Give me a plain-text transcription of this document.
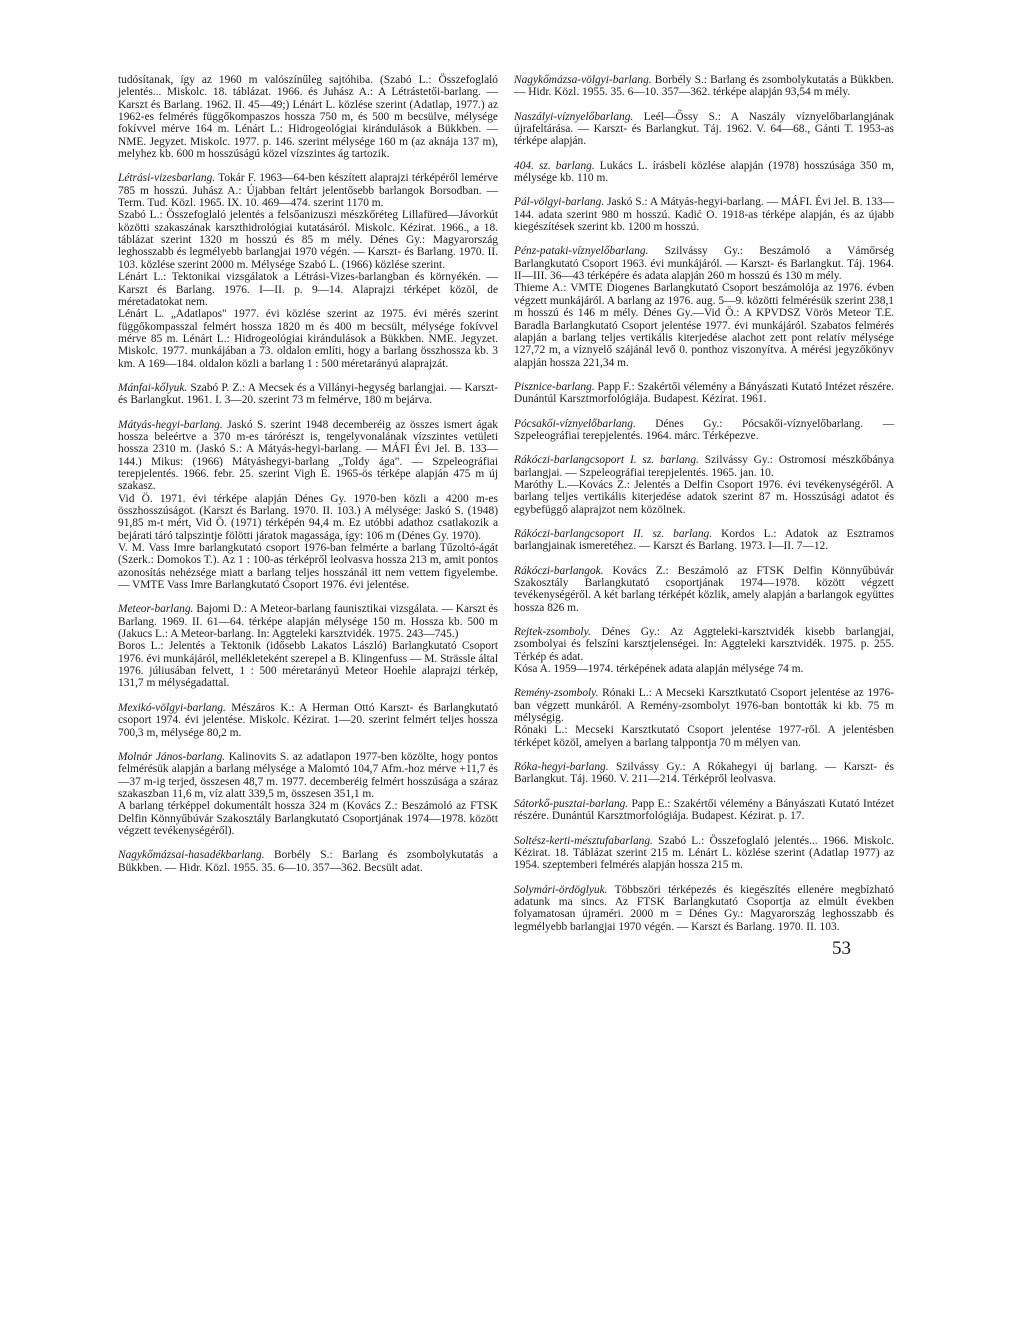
tudósítanak, így az 1960 m valószínűleg sajtóhiba. (Szabó L.: Összefoglaló jelentés... Miskolc. 18. táblázat. 1966. és Juhász A.: A Létrástetői-barlang. — Karszt és Barlang. 1962. II. 45—49;) Lénárt L. közlése szerint (Adatlap, 1977.) az 1962-es felmérés függőkompaszos hossza 750 m, és 500 m becsülve, mélysége fokívvel mérve 164 m. Lénárt L.: Hidrogeológiai kirándulások a Bükkben. — NME. Jegyzet. Miskolc. 1977. p. 146. szerint mélysége 160 m (az aknája 137 m), melyhez kb. 600 m hosszúságú közel vízszintes ág tartozik.

Létrási-vizesbarlang. Tokár F. 1963—64-ben készített alaprajzi térképéről lemérve 785 m hosszú. Juhász A.: Újabban feltárt jelentősebb barlangok Borsodban. — Term. Tud. Közl. 1965. IX. 10. 469—474. szerint 1170 m.

Szabó L.: Összefoglaló jelentés a felsőanizuszi mészkőréteg Lillafüred—Jávorkút közötti szakaszának karszthidrológiai kutatásáról. Miskolc. Kézirat. 1966., a 18. táblázat szerint 1320 m hosszú és 85 m mély. Dénes Gy.: Magyarország leghosszabb és legmélyebb barlangjai 1970 végén. — Karszt- és Barlang. 1970. II. 103. közlése szerint 2000 m. Mélysége Szabó L. (1966) közlése szerint.

Lénárt L.: Tektonikai vizsgálatok a Létrási-Vizes-barlangban és környékén. — Karszt és Barlang. 1976. I—II. p. 9—14. Alaprajzi térképet közöl, de méretadatokat nem.

Lénárt L. „Adatlapos" 1977. évi közlése szerint az 1975. évi mérés szerint függőkompasszal felmért hossza 1820 m és 400 m becsült, mélysége fokívvel mérve 85 m. Lénárt L.: Hidrogeológiai kirándulások a Bükkben. NME. Jegyzet. Miskolc. 1977. munkájában a 73. oldalon említi, hogy a barlang összhossza kb. 3 km. A 169—184. oldalon közli a barlang 1 : 500 méretarányú alaprajzát.

Mánfai-kőlyuk. Szabó P. Z.: A Mecsek és a Villányi-hegység barlangjai. — Karszt- és Barlangkut. 1961. I. 3—20. szerint 73 m felmérve, 180 m bejárva.

Mátyás-hegyi-barlang. Jaskó S. szerint 1948 decemberéig az összes ismert ágak hossza beleértve a 370 m-es tárórészt is, tengelyvonalának vízszintes vetületi hossza 2310 m. (Jaskó S.: A Mátyás-hegyi-barlang. — MÁFI Évi Jel. B. 133—144.) Mikus: (1966) Mátyáshegyi-barlang „Toldy ága". — Szpeleográfiai terepjelentés. 1966. febr. 25. szerint Vigh E. 1965-ös térképe alapján 475 m új szakasz.

Vid Ö. 1971. évi térképe alapján Dénes Gy. 1970-ben közli a 4200 m-es összhosszúságot. (Karszt és Barlang. 1970. II. 103.) A mélysége: Jaskó S. (1948) 91,85 m-t mért, Vid Ö. (1971) térképén 94,4 m. Ez utóbbi adathoz csatlakozik a bejárati táró talpszintje fölötti járatok magassága, így: 106 m (Dénes Gy. 1970).

V. M. Vass Imre barlangkutató csoport 1976-ban felmérte a barlang Tűzoltó-ágát (Szerk.: Domokos T.). Az 1 : 100-as térképről leolvasva hossza 213 m, amit pontos azonosítás nehézsége miatt a barlang teljes hosszánál itt nem vettem figyelembe. — VMTE Vass Imre Barlangkutató Csoport 1976. évi jelentése.

Meteor-barlang. Bajomi D.: A Meteor-barlang faunisztikai vizsgálata. — Karszt és Barlang. 1969. II. 61—64. térképe alapján mélysége 150 m. Hossza kb. 500 m (Jakucs L.: A Meteor-barlang. In: Aggteleki karsztvidék. 1975. 243—745.)

Boros L.: Jelentés a Tektonik (idősebb Lakatos László) Barlangkutató Csoport 1976. évi munkájáról, mellékleteként szerepel a B. Klingenfuss — M. Strässle által 1976. júliusában felvett, 1 : 500 méretarányú Meteor Hoehle alaprajzi térkép, 131,7 m mélységadattal.

Mexikó-völgyi-barlang. Mészáros K.: A Herman Ottó Karszt- és Barlangkutató csoport 1974. évi jelentése. Miskolc. Kézirat. 1—20. szerint felmért teljes hossza 700,3 m, mélysége 80,2 m.

Molnár János-barlang. Kalinovits S. az adatlapon 1977-ben közölte, hogy pontos felmérésük alapján a barlang mélysége a Malomtó 104,7 Afm.-hoz mérve +11,7 és —37 m-ig terjed, összesen 48,7 m. 1977. decemberéig felmért hosszúsága a száraz szakaszban 11,6 m, víz alatt 339,5 m, összesen 351,1 m.

A barlang térképpel dokumentált hossza 324 m (Kovács Z.: Beszámoló az FTSK Delfin Könnyűbúvár Szakosztály Barlangkutató Csoportjának 1974—1978. között végzett tevékenységéről).

Nagykőmázsai-hasadékbarlang. Borbély S.: Barlang és zsombolykutatás a Bükkben. — Hidr. Közl. 1955. 35. 6—10. 357—362. Becsült adat.

Nagykőmázsa-völgyi-barlang. Borbély S.: Barlang és zsombolykutatás a Bükkben. — Hidr. Közl. 1955. 35. 6—10. 357—362. térképe alapján 93,54 m mély.

Naszályi-víznyelőbarlang. Leél—Őssy S.: A Naszály víznyelőbarlangjának újrafeltárása. — Karszt- és Barlangkut. Táj. 1962. V. 64—68., Gánti T. 1953-as térképe alapján.

404. sz. barlang. Lukács L. írásbeli közlése alapján (1978) hosszúsága 350 m, mélysége kb. 110 m.

Pál-völgyi-barlang. Jaskó S.: A Mátyás-hegyi-barlang. — MÁFI. Évi Jel. B. 133—144. adata szerint 980 m hosszú. Kadić O. 1918-as térképe alapján, és az újabb kiegészítések szerint kb. 1200 m hosszú.

Pénz-pataki-víznyelőbarlang. Szilvássy Gy.: Beszámoló a Vámőrség Barlangkutató Csoport 1963. évi munkájáról. — Karszt- és Barlangkut. Táj. 1964. II—III. 36—43 térképére és adata alapján 260 m hosszú és 130 m mély.

Thieme A.: VMTE Diogenes Barlangkutató Csoport beszámolója az 1976. évben végzett munkájáról. A barlang az 1976. aug. 5—9. közötti felmérésük szerint 238,1 m hosszú és 146 m mély. Dénes Gy.—Vid Ö.: A KPVDSZ Vörös Meteor T.E. Baradla Barlangkutató Csoport jelentése 1977. évi munkájáról. Szabatos felmérés alapján a barlang teljes vertikális kiterjedése alachot zett pont relatív mélysége 127,72 m, a víznyelő szájánál levő 0. ponthoz viszonyítva. A mérési jegyzőkönyv alapján hossza 221,34 m.

Pisznice-barlang. Papp F.: Szakértői vélemény a Bányászati Kutató Intézet részére. Dunántúl Karsztmorfológiája. Budapest. Kézirat. 1961.

Pócsakői-víznyelőbarlang. Dénes Gy.: Pócsakői-víznyelőbarlang. — Szpeleográfiai terepjelentés. 1964. márc. Térképezve.

Rákóczi-barlangcsoport I. sz. barlang. Szilvássy Gy.: Ostromosi mészkőbánya barlangjai. — Szpeleográfiai terepjelentés. 1965. jan. 10.

Maróthy L.—Kovács Z.: Jelentés a Delfin Csoport 1976. évi tevékenységéről. A barlang teljes vertikális kiterjedése adatok szerint 87 m. Hosszúsági adatot és egybefüggő alaprajzot nem közölnek.

Rákóczi-barlangcsoport II. sz. barlang. Kordos L.: Adatok az Esztramos barlangjainak ismeretéhez. — Karszt és Barlang. 1973. I—II. 7—12.

Rákóczi-barlangok. Kovács Z.: Beszámoló az FTSK Delfin Könnyűbúvár Szakosztály Barlangkutató csoportjának 1974—1978. között végzett tevékenységéről. A két barlang térképét közlik, amely alapján a barlangok együttes hossza 826 m.

Rejtek-zsomboly. Dénes Gy.: Az Aggteleki-karsztvidék kisebb barlangjai, zsombolyai és felszíni karsztjelenségei. In: Aggteleki karsztvidék. 1975. p. 255. Térkép és adat.

Kósa A. 1959—1974. térképének adata alapján mélysége 74 m.

Remény-zsomboly. Rónaki L.: A Mecseki Karsztkutató Csoport jelentése az 1976-ban végzett munkáról. A Remény-zsombolyt 1976-ban bontották ki kb. 75 m mélységig.

Rónaki L.: Mecseki Karsztkutató Csoport jelentése 1977-ről. A jelentésben térképet közöl, amelyen a barlang talppontja 70 m mélyen van.

Róka-hegyi-barlang. Szilvássy Gy.: A Rókahegyi új barlang. — Karszt- és Barlangkut. Táj. 1960. V. 211—214. Térképről leolvasva.

Sátorkő-pusztai-barlang. Papp E.: Szakértői vélemény a Bányászati Kutató Intézet részére. Dunántúl Karsztmorfológiája. Budapest. Kézirat. p. 17.

Soltész-kerti-mésztufabarlang. Szabó L.: Összefoglaló jelentés... 1966. Miskolc. Kézirat. 18. Táblázat szerint 215 m. Lénárt L. közlése szerint (Adatlap 1977) az 1954. szeptemberi felmérés alapján hossza 215 m.

Solymári-ördöglyuk. Többszöri térképezés és kiegészítés ellenére megbízható adatunk ma sincs. Az FTSK Barlangkutató Csoportja az elmúlt években folyamatosan újraméri. 2000 m = Dénes Gy.: Magyarország leghosszabb és legmélyebb barlangjai 1970 végén. — Karszt és Barlang. 1970. II. 103.

53
